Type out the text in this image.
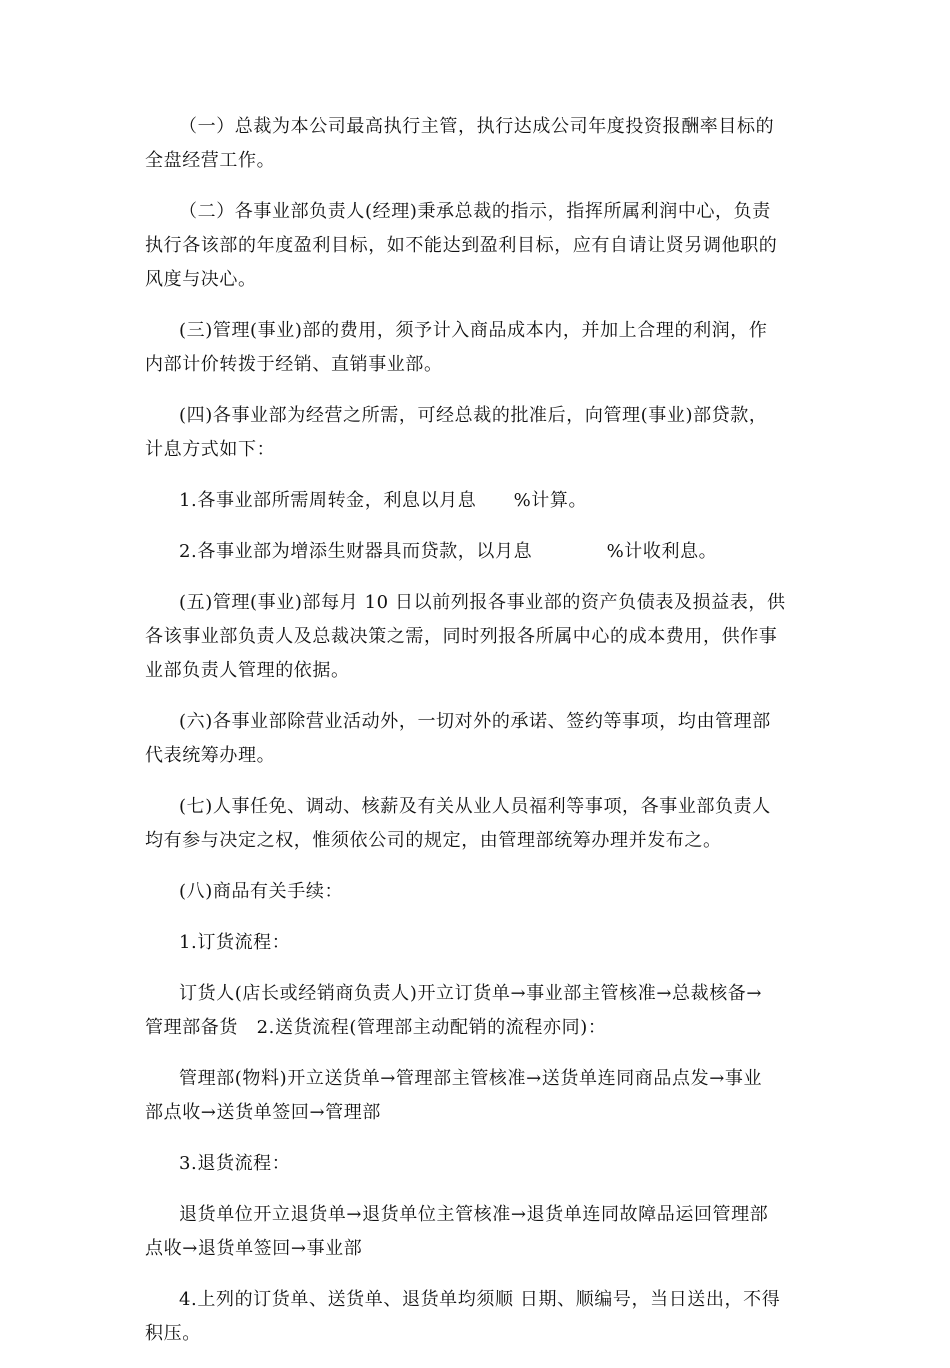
（一）总裁为本公司最高执行主管，执行达成公司年度投资报酬率目标的
全盘经营工作。

（二）各事业部负责人(经理)秉承总裁的指示，指挥所属利润中心，负责
执行各该部的年度盈利目标，如不能达到盈利目标，应有自请让贤另调他职的
风度与决心。

(三)管理(事业)部的费用，须予计入商品成本内，并加上合理的利润，作
内部计价转拨于经销、直销事业部。

(四)各事业部为经营之所需，可经总裁的批准后，向管理(事业)部贷款，
计息方式如下：

1.各事业部所需周转金，利息以月息　　%计算。

2.各事业部为增添生财器具而贷款，以月息　　　　%计收利息。

(五)管理(事业)部每月 10 日以前列报各事业部的资产负债表及损益表，供
各该事业部负责人及总裁决策之需，同时列报各所属中心的成本费用，供作事
业部负责人管理的依据。

(六)各事业部除营业活动外，一切对外的承诺、签约等事项，均由管理部
代表统筹办理。

(七)人事任免、调动、核薪及有关从业人员福利等事项，各事业部负责人
均有参与决定之权，惟须依公司的规定，由管理部统筹办理并发布之。

(八)商品有关手续：

1.订货流程：

订货人(店长或经销商负责人)开立订货单→事业部主管核准→总裁核备→
管理部备货　2.送货流程(管理部主动配销的流程亦同)：

管理部(物料)开立送货单→管理部主管核准→送货单连同商品点发→事业
部点收→送货单签回→管理部

3.退货流程：

退货单位开立退货单→退货单位主管核准→退货单连同故障品运回管理部
点收→退货单签回→事业部

4.上列的订货单、送货单、退货单均须顺 日期、顺编号，当日送出，不得
积压。
